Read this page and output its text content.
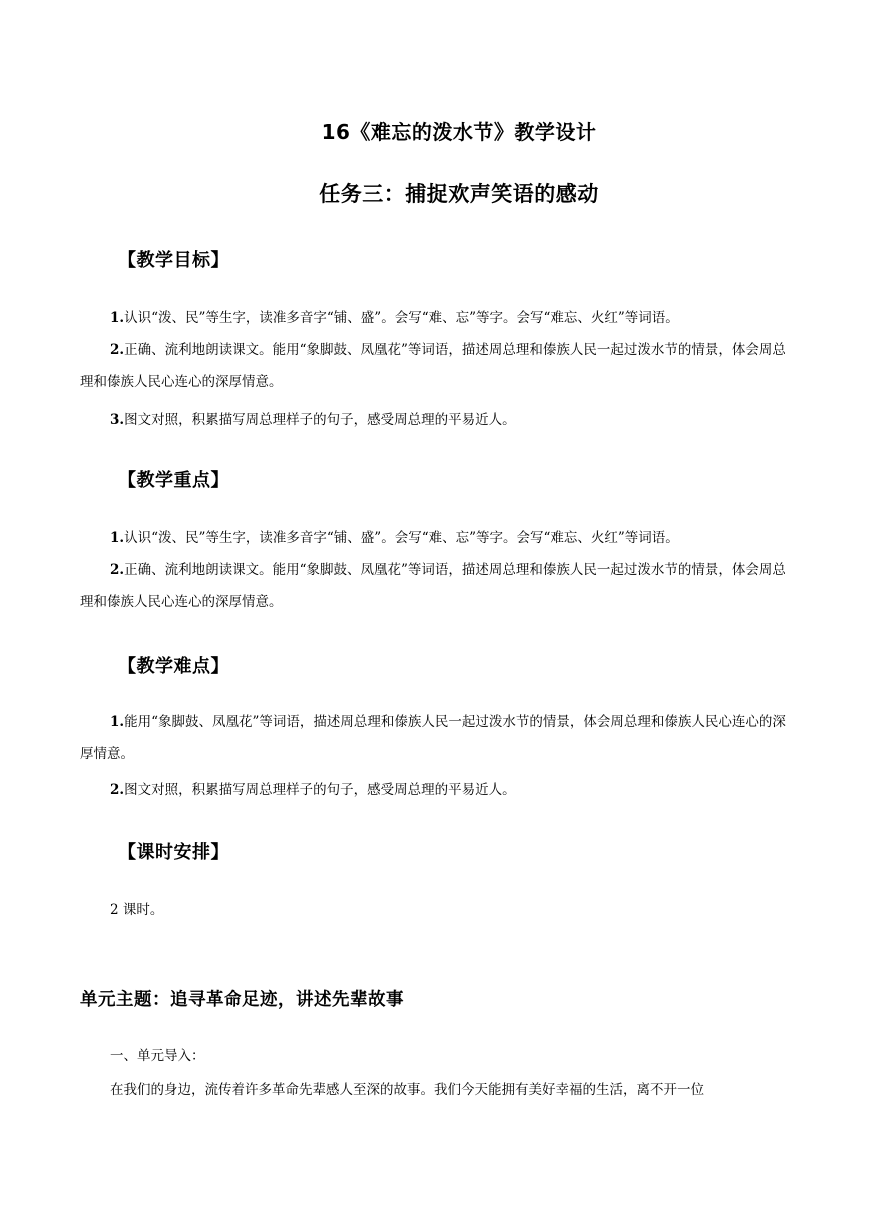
16《难忘的泼水节》教学设计
任务三：捕捉欢声笑语的感动
【教学目标】
1.认识“泼、民”等生字，读准多音字“铺、盛”。会写“难、忘”等字。会写“难忘、火红”等词语。
2.正确、流利地朗读课文。能用“象脚鼓、凤凰花”等词语，描述周总理和傣族人民一起过泼水节的情景，体会周总理和傣族人民心连心的深厚情意。
3.图文对照，积累描写周总理样子的句子，感受周总理的平易近人。
【教学重点】
1.认识“泼、民”等生字，读准多音字“铺、盛”。会写“难、忘”等字。会写“难忘、火红”等词语。
2.正确、流利地朗读课文。能用“象脚鼓、凤凰花”等词语，描述周总理和傣族人民一起过泼水节的情景，体会周总理和傣族人民心连心的深厚情意。
【教学难点】
1.能用“象脚鼓、凤凰花”等词语，描述周总理和傣族人民一起过泼水节的情景，体会周总理和傣族人民心连心的深厚情意。
2.图文对照，积累描写周总理样子的句子，感受周总理的平易近人。
【课时安排】
2 课时。
单元主题：追寻革命足迹，讲述先辈故事
一、单元导入：
在我们的身边，流传着许多革命先辈感人至深的故事。我们今天能拥有美好幸福的生活，离不开一位
